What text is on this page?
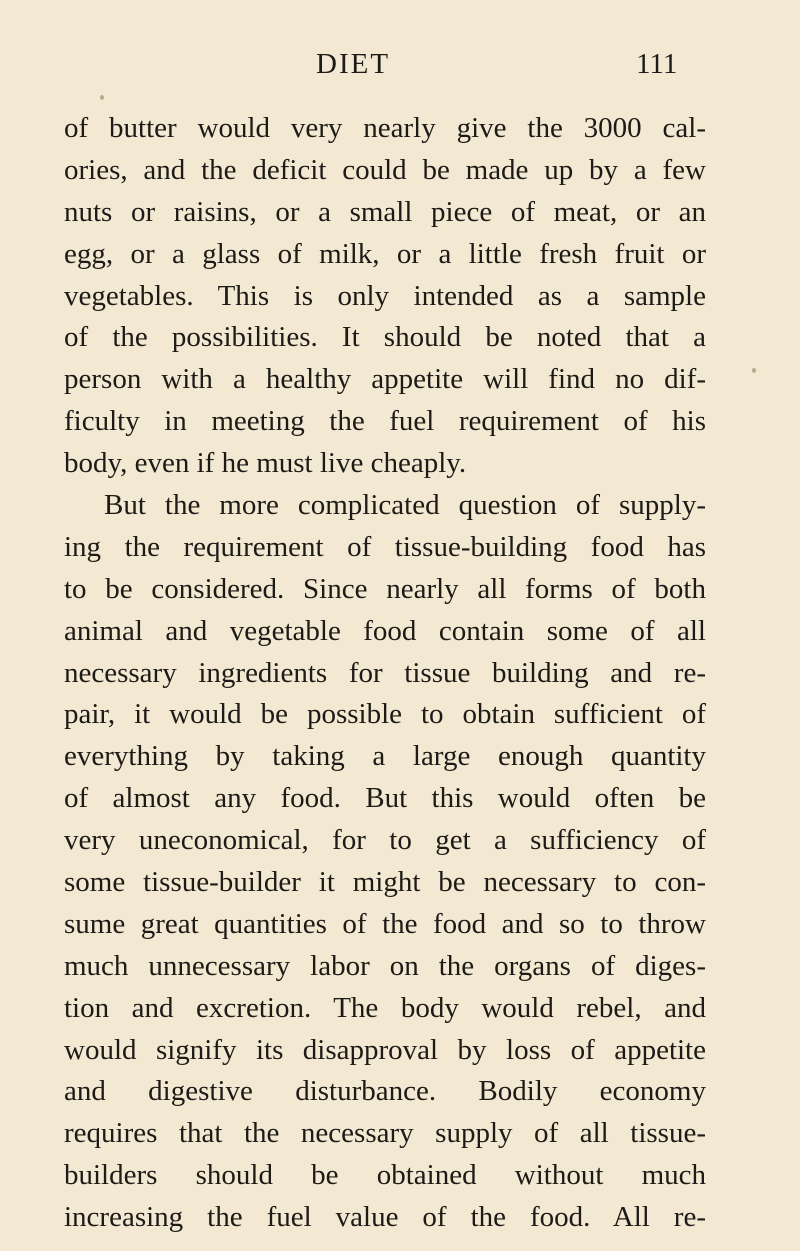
DIET	111
of butter would very nearly give the 3000 cal-
ories, and the deficit could be made up by a few
nuts or raisins, or a small piece of meat, or an
egg, or a glass of milk, or a little fresh fruit or
vegetables. This is only intended as a sample
of the possibilities. It should be noted that a
person with a healthy appetite will find no dif-
ficulty in meeting the fuel requirement of his
body, even if he must live cheaply.
But the more complicated question of supply-
ing the requirement of tissue-building food has
to be considered. Since nearly all forms of both
animal and vegetable food contain some of all
necessary ingredients for tissue building and re-
pair, it would be possible to obtain sufficient of
everything by taking a large enough quantity
of almost any food. But this would often be
very uneconomical, for to get a sufficiency of
some tissue-builder it might be necessary to con-
sume great quantities of the food and so to throw
much unnecessary labor on the organs of diges-
tion and excretion. The body would rebel, and
would signify its disapproval by loss of appetite
and digestive disturbance. Bodily economy
requires that the necessary supply of all tissue-
builders should be obtained without much
increasing the fuel value of the food. All re-
